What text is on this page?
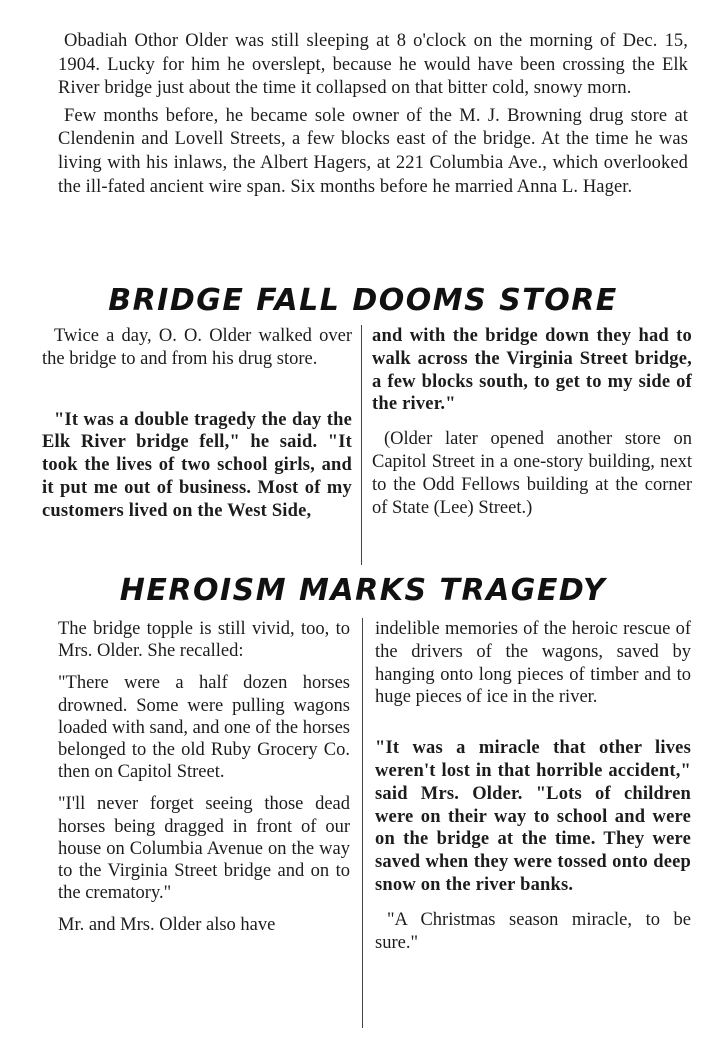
Obadiah Othor Older was still sleeping at 8 o'clock on the morning of Dec. 15, 1904. Lucky for him he overslept, because he would have been crossing the Elk River bridge just about the time it collapsed on that bitter cold, snowy morn.

Few months before, he became sole owner of the M. J. Browning drug store at Clendenin and Lovell Streets, a few blocks east of the bridge. At the time he was living with his inlaws, the Albert Hagers, at 221 Columbia Ave., which overlooked the ill-fated ancient wire span. Six months before he married Anna L. Hager.

BRIDGE FALL DOOMS STORE

Twice a day, O. O. Older walked over the bridge to and from his drug store.

"It was a double tragedy the day the Elk River bridge fell," he said. "It took the lives of two school girls, and it put me out of business. Most of my customers lived on the West Side,

and with the bridge down they had to walk across the Virginia Street bridge, a few blocks south, to get to my side of the river."

(Older later opened another store on Capitol Street in a one-story building, next to the Odd Fellows building at the corner of State (Lee) Street.)

HEROISM MARKS TRAGEDY

The bridge topple is still vivid, too, to Mrs. Older. She recalled:

"There were a half dozen horses drowned. Some were pulling wagons loaded with sand, and one of the horses belonged to the old Ruby Grocery Co. then on Capitol Street.

"I'll never forget seeing those dead horses being dragged in front of our house on Columbia Avenue on the way to the Virginia Street bridge and on to the crematory."

Mr. and Mrs. Older also have

indelible memories of the heroic rescue of the drivers of the wagons, saved by hanging onto long pieces of timber and to huge pieces of ice in the river.

"It was a miracle that other lives weren't lost in that horrible accident," said Mrs. Older. "Lots of children were on their way to school and were on the bridge at the time. They were saved when they were tossed onto deep snow on the river banks.

"A Christmas season miracle, to be sure."
